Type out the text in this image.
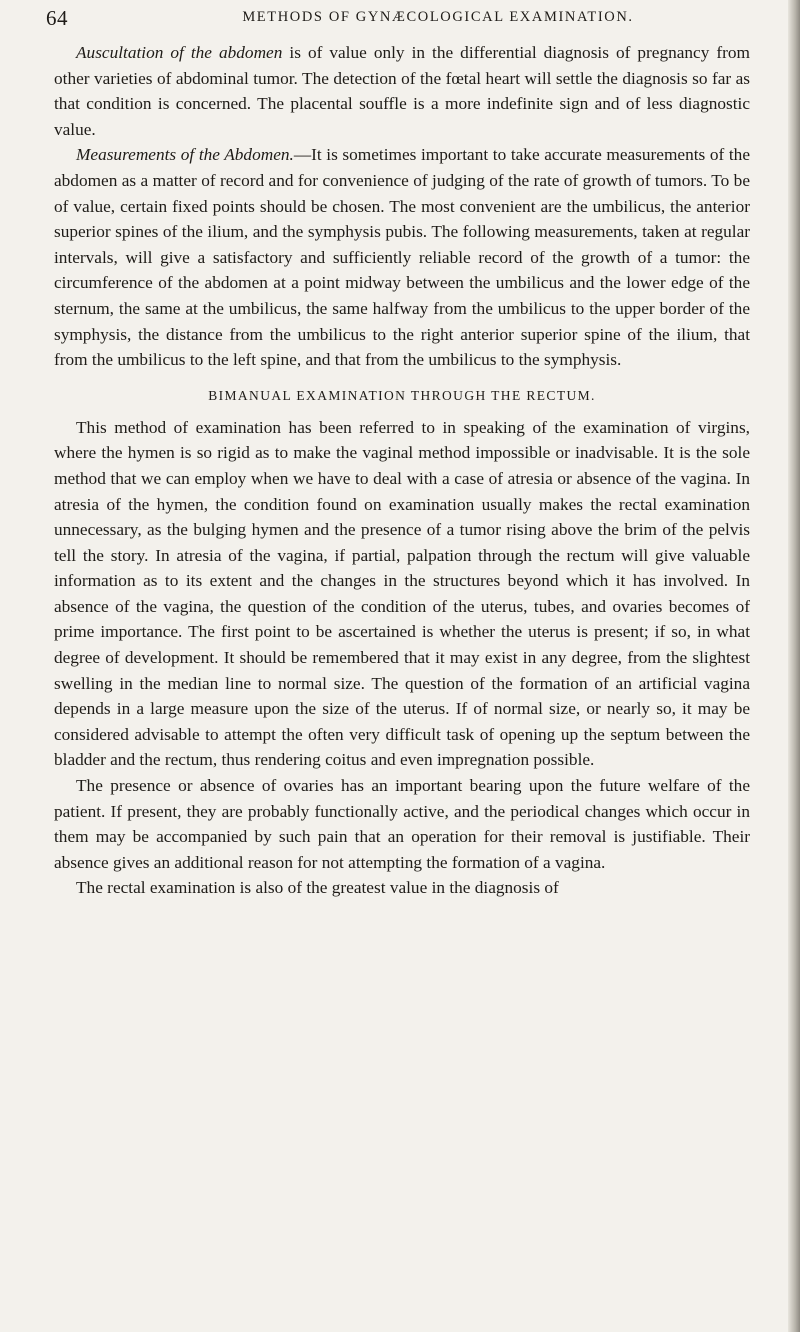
64	METHODS OF GYNÆCOLOGICAL EXAMINATION.

Auscultation of the abdomen is of value only in the differential diagnosis of pregnancy from other varieties of abdominal tumor. The detection of the fœtal heart will settle the diagnosis so far as that condition is concerned. The placental souffle is a more indefinite sign and of less diagnostic value.

Measurements of the Abdomen.—It is sometimes important to take accurate measurements of the abdomen as a matter of record and for convenience of judging of the rate of growth of tumors. To be of value, certain fixed points should be chosen. The most convenient are the umbilicus, the anterior superior spines of the ilium, and the symphysis pubis. The following measurements, taken at regular intervals, will give a satisfactory and sufficiently reliable record of the growth of a tumor: the circumference of the abdomen at a point midway between the umbilicus and the lower edge of the sternum, the same at the umbilicus, the same halfway from the umbilicus to the upper border of the symphysis, the distance from the umbilicus to the right anterior superior spine of the ilium, that from the umbilicus to the left spine, and that from the umbilicus to the symphysis.

BIMANUAL EXAMINATION THROUGH THE RECTUM.

This method of examination has been referred to in speaking of the examination of virgins, where the hymen is so rigid as to make the vaginal method impossible or inadvisable. It is the sole method that we can employ when we have to deal with a case of atresia or absence of the vagina. In atresia of the hymen, the condition found on examination usually makes the rectal examination unnecessary, as the bulging hymen and the presence of a tumor rising above the brim of the pelvis tell the story. In atresia of the vagina, if partial, palpation through the rectum will give valuable information as to its extent and the changes in the structures beyond which it has involved. In absence of the vagina, the question of the condition of the uterus, tubes, and ovaries becomes of prime importance. The first point to be ascertained is whether the uterus is present; if so, in what degree of development. It should be remembered that it may exist in any degree, from the slightest swelling in the median line to normal size. The question of the formation of an artificial vagina depends in a large measure upon the size of the uterus. If of normal size, or nearly so, it may be considered advisable to attempt the often very difficult task of opening up the septum between the bladder and the rectum, thus rendering coitus and even impregnation possible.

The presence or absence of ovaries has an important bearing upon the future welfare of the patient. If present, they are probably functionally active, and the periodical changes which occur in them may be accompanied by such pain that an operation for their removal is justifiable. Their absence gives an additional reason for not attempting the formation of a vagina.

The rectal examination is also of the greatest value in the diagnosis of
